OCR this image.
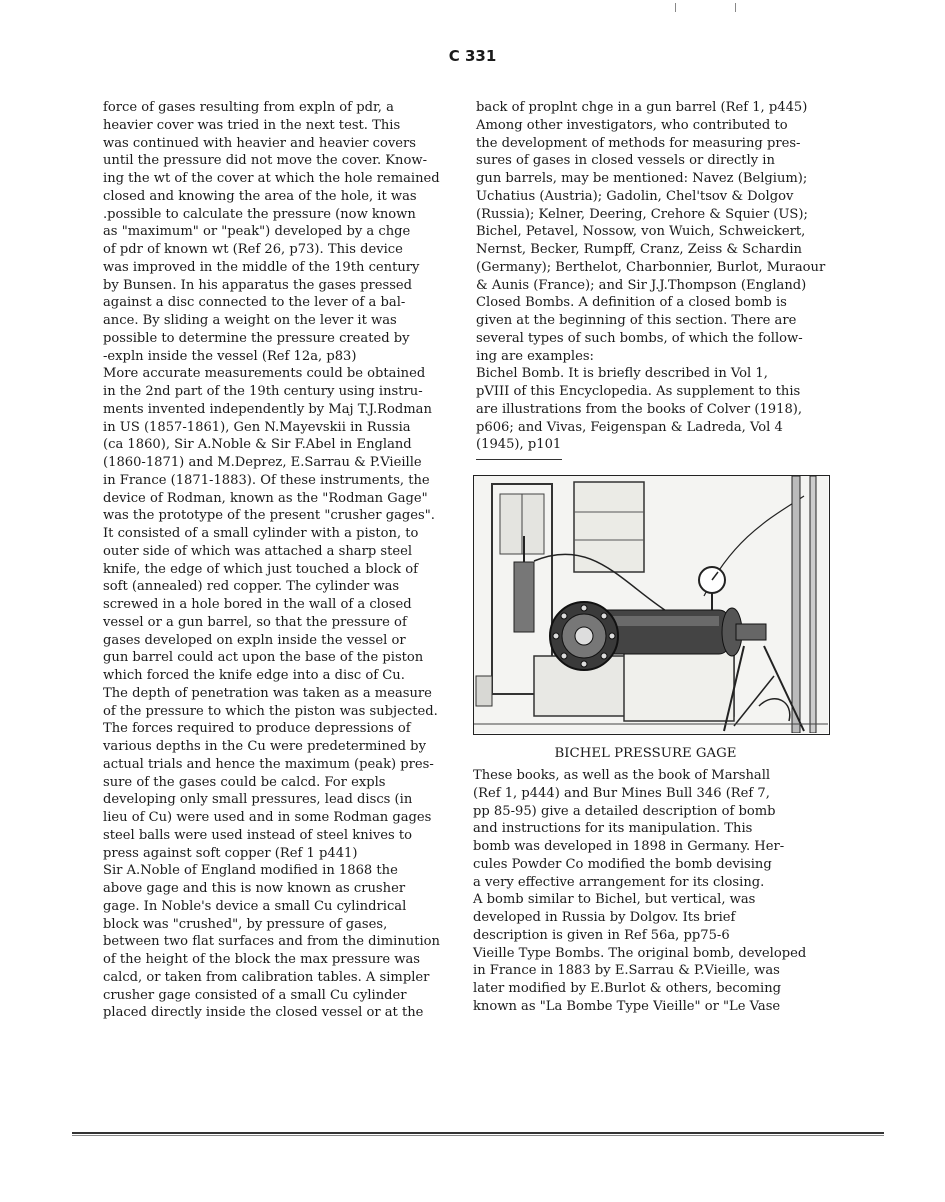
C 331
force of gases resulting from expln of pdr, a
heavier cover was tried in the next test. This
was continued with heavier and heavier covers
until the pressure did not move the cover. Know-
ing the wt of the cover at which the hole remained
closed and knowing the area of the hole, it was
.possible to calculate the pressure (now known
as "maximum" or "peak") developed by a chge
of pdr of known wt (Ref 26, p73). This device
was improved in the middle of the 19th century
by Bunsen. In his apparatus the gases pressed
against a disc connected to the lever of a bal-
ance. By sliding a weight on the lever it was
possible to determine the pressure created by
-expln inside the vessel (Ref 12a, p83)
More accurate measurements could be obtained
in the 2nd part of the 19th century using instru-
ments invented independently by Maj T.J.Rodman
in US (1857-1861), Gen N.Mayevskii in Russia
(ca 1860), Sir A.Noble & Sir F.Abel in England
(1860-1871) and M.Deprez, E.Sarrau & P.Vieille
in France (1871-1883). Of these instruments, the
device of Rodman, known as the "Rodman Gage"
was the prototype of the present "crusher gages".
It consisted of a small cylinder with a piston, to
outer side of which was attached a sharp steel
knife, the edge of which just touched a block of
soft (annealed) red copper. The cylinder was
screwed in a hole bored in the wall of a closed
vessel or a gun barrel, so that the pressure of
gases developed on expln inside the vessel or
gun barrel could act upon the base of the piston
which forced the knife edge into a disc of Cu.
The depth of penetration was taken as a measure
of the pressure to which the piston was subjected.
The forces required to produce depressions of
various depths in the Cu were predetermined by
actual trials and hence the maximum (peak) pres-
sure of the gases could be calcd. For expls
developing only small pressures, lead discs (in
lieu of Cu) were used and in some Rodman gages
steel balls were used instead of steel knives to
press against soft copper (Ref 1 p441)
Sir A.Noble of England modified in 1868 the
above gage and this is now known as crusher
gage. In Noble's device a small Cu cylindrical
block was "crushed", by pressure of gases,
between two flat surfaces and from the diminution
of the height of the block the max pressure was
calcd, or taken from calibration tables. A simpler
crusher gage consisted of a small Cu cylinder
placed directly inside the closed vessel or at the
back of proplnt chge in a gun barrel (Ref 1, p445)
Among other investigators, who contributed to
the development of methods for measuring pres-
sures of gases in closed vessels or directly in
gun barrels, may be mentioned: Navez (Belgium);
Uchatius (Austria); Gadolin, Chel'tsov & Dolgov
(Russia); Kelner, Deering, Crehore & Squier (US);
Bichel, Petavel, Nossow, von Wuich, Schweickert,
Nernst, Becker, Rumpff, Cranz, Zeiss & Schardin
(Germany); Berthelot, Charbonnier, Burlot, Muraour
& Aunis (France); and Sir J.J.Thompson (England)
Closed Bombs. A definition of a closed bomb is
given at the beginning of this section. There are
several types of such bombs, of which the follow-
ing are examples:
Bichel Bomb. It is briefly described in Vol 1,
pVIII of this Encyclopedia. As supplement to this
are illustrations from the books of Colver (1918),
p606; and Vivas, Feigenspan & Ladreda, Vol 4
(1945), p101
BICHEL PRESSURE GAGE
These books, as well as the book of Marshall
(Ref 1, p444) and Bur Mines Bull 346 (Ref 7,
pp 85-95) give a detailed description of bomb
and instructions for its manipulation. This
bomb was developed in 1898 in Germany. Her-
cules Powder Co modified the bomb devising
a very effective arrangement for its closing.
A bomb similar to Bichel, but vertical, was
developed in Russia by Dolgov. Its brief
description is given in Ref 56a, pp75-6
Vieille Type Bombs. The original bomb, developed
in France in 1883 by E.Sarrau & P.Vieille, was
later modified by E.Burlot & others, becoming
known as "La Bombe Type Vieille" or "Le Vase
